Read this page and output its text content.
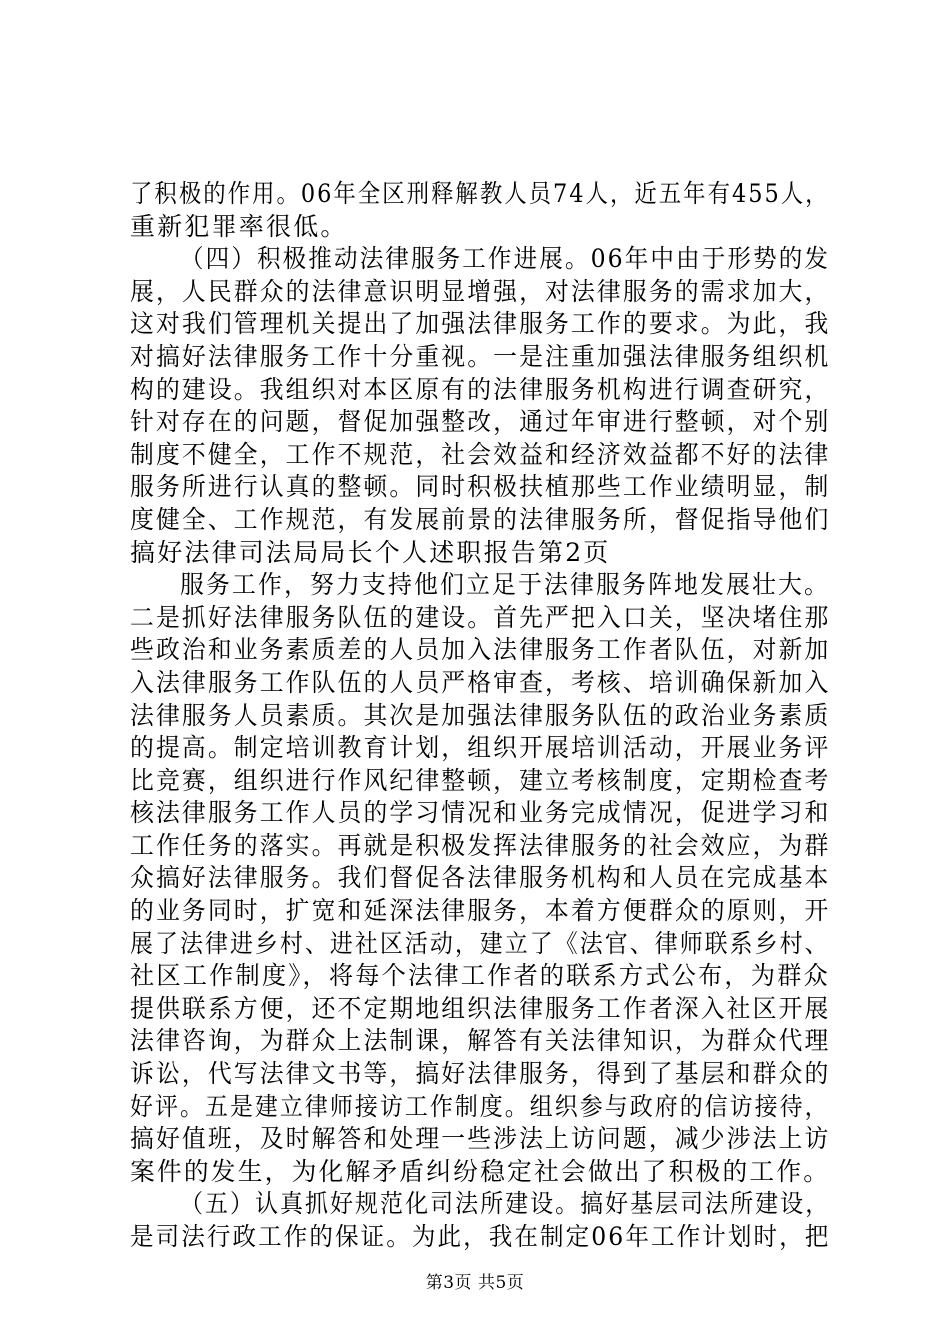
了积极的作用。06年全区刑释解教人员74人，近五年有455人，
重新犯罪率很低。
（四）积极推动法律服务工作进展。06年中由于形势的发
展，人民群众的法律意识明显增强，对法律服务的需求加大，
这对我们管理机关提出了加强法律服务工作的要求。为此，我
对搞好法律服务工作十分重视。一是注重加强法律服务组织机
构的建设。我组织对本区原有的法律服务机构进行调查研究，
针对存在的问题，督促加强整改，通过年审进行整顿，对个别
制度不健全，工作不规范，社会效益和经济效益都不好的法律
服务所进行认真的整顿。同时积极扶植那些工作业绩明显，制
度健全、工作规范，有发展前景的法律服务所，督促指导他们
搞好法律司法局局长个人述职报告第2页
服务工作，努力支持他们立足于法律服务阵地发展壮大。
二是抓好法律服务队伍的建设。首先严把入口关，坚决堵住那
些政治和业务素质差的人员加入法律服务工作者队伍，对新加
入法律服务工作队伍的人员严格审查，考核、培训确保新加入
法律服务人员素质。其次是加强法律服务队伍的政治业务素质
的提高。制定培训教育计划，组织开展培训活动，开展业务评
比竞赛，组织进行作风纪律整顿，建立考核制度，定期检查考
核法律服务工作人员的学习情况和业务完成情况，促进学习和
工作任务的落实。再就是积极发挥法律服务的社会效应，为群
众搞好法律服务。我们督促各法律服务机构和人员在完成基本
的业务同时，扩宽和延深法律服务，本着方便群众的原则，开
展了法律进乡村、进社区活动，建立了《法官、律师联系乡村、
社区工作制度》，将每个法律工作者的联系方式公布，为群众
提供联系方便，还不定期地组织法律服务工作者深入社区开展
法律咨询，为群众上法制课，解答有关法律知识，为群众代理
诉讼，代写法律文书等，搞好法律服务，得到了基层和群众的
好评。五是建立律师接访工作制度。组织参与政府的信访接待，
搞好值班，及时解答和处理一些涉法上访问题，减少涉法上访
案件的发生，为化解矛盾纠纷稳定社会做出了积极的工作。
（五）认真抓好规范化司法所建设。搞好基层司法所建设，
是司法行政工作的保证。为此，我在制定06年工作计划时，把
第3页 共5页
